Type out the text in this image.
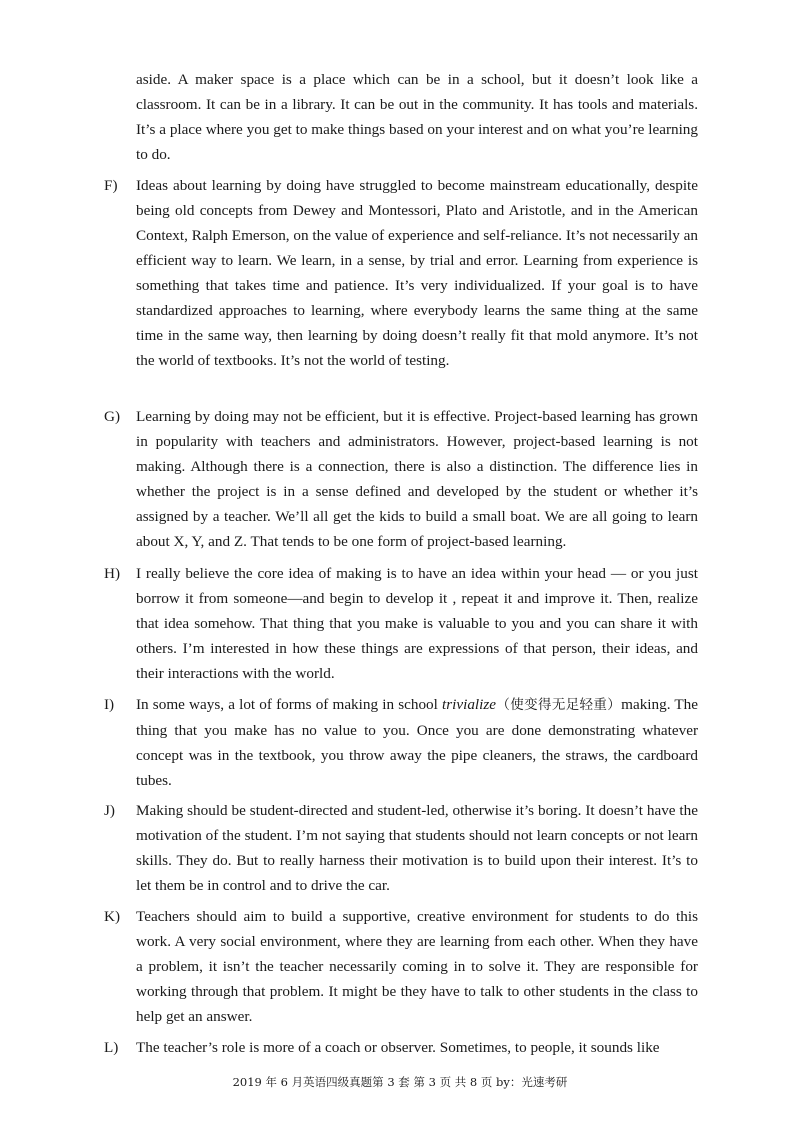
aside. A maker space is a place which can be in a school, but it doesn’t look like a classroom. It can be in a library. It can be out in the community. It has tools and materials. It’s a place where you get to make things based on your interest and on what you’re learning to do.
F)	Ideas about learning by doing have struggled to become mainstream educationally, despite being old concepts from Dewey and Montessori, Plato and Aristotle, and in the American Context, Ralph Emerson, on the value of experience and self-reliance. It’s not necessarily an efficient way to learn. We learn, in a sense, by trial and error. Learning from experience is something that takes time and patience. It’s very individualized. If your goal is to have standardized approaches to learning, where everybody learns the same thing at the same time in the same way, then learning by doing doesn’t really fit that mold anymore. It’s not the world of textbooks. It’s not the world of testing.
G)	Learning by doing may not be efficient, but it is effective. Project-based learning has grown in popularity with teachers and administrators. However, project-based learning is not making. Although there is a connection, there is also a distinction. The difference lies in whether the project is in a sense defined and developed by the student or whether it’s assigned by a teacher. We’ll all get the kids to build a small boat. We are all going to learn about X, Y, and Z. That tends to be one form of project-based learning.
H)	I really believe the core idea of making is to have an idea within your head — or you just borrow it from someone—and begin to develop it , repeat it and improve it. Then, realize that idea somehow. That thing that you make is valuable to you and you can share it with others. I’m interested in how these things are expressions of that person, their ideas, and their interactions with the world.
I)	In some ways, a lot of forms of making in school trivialize（使变得无足轻重）making. The thing that you make has no value to you. Once you are done demonstrating whatever concept was in the textbook, you throw away the pipe cleaners, the straws, the cardboard tubes.
J)	Making should be student-directed and student-led, otherwise it’s boring. It doesn’t have the motivation of the student. I’m not saying that students should not learn concepts or not learn skills. They do. But to really harness their motivation is to build upon their interest. It’s to let them be in control and to drive the car.
K)	Teachers should aim to build a supportive, creative environment for students to do this work. A very social environment, where they are learning from each other. When they have a problem, it isn’t the teacher necessarily coming in to solve it. They are responsible for working through that problem. It might be they have to talk to other students in the class to help get an answer.
L)	The teacher’s role is more of a coach or observer. Sometimes, to people, it sounds like
2019 年 6 月英语四级真题第 3 套 第 3 页 共 8 页 by：光速考研
